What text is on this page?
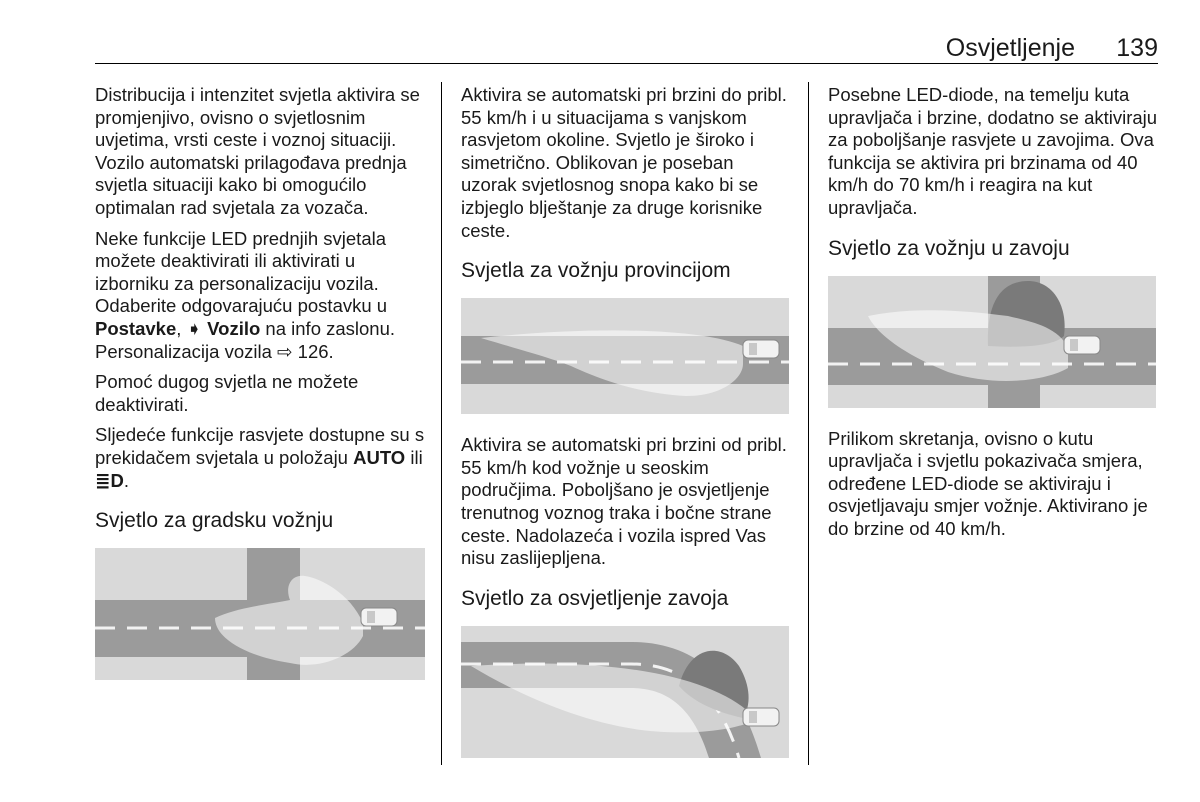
Osvjetljenje	139

Distribucija i intenzitet svjetla aktivira se promjenjivo, ovisno o svjetlosnim uvjetima, vrsti ceste i voznoj situaciji. Vozilo automatski prilagođava prednja svjetla situaciji kako bi omogućilo optimalan rad svjetala za vozača.

Neke funkcije LED prednjih svjetala možete deaktivirati ili aktivirati u izborniku za personalizaciju vozila. Odaberite odgovarajuću postavku u Postavke, ➧ Vozilo na info zaslonu. Personalizacija vozila ⇨ 126.

Pomoć dugog svjetla ne možete deaktivirati.

Sljedeće funkcije rasvjete dostupne su s prekidačem svjetala u položaju AUTO ili ≣D.

Svjetlo za gradsku vožnju

Aktivira se automatski pri brzini do pribl. 55 km/h i u situacijama s vanjskom rasvjetom okoline. Svjetlo je široko i simetrično. Oblikovan je poseban uzorak svjetlosnog snopa kako bi se izbjeglo blještanje za druge korisnike ceste.

Svjetla za vožnju provincijom

Aktivira se automatski pri brzini od pribl. 55 km/h kod vožnje u seoskim područjima. Poboljšano je osvjetljenje trenutnog voznog traka i bočne strane ceste. Nadolazeća i vozila ispred Vas nisu zaslijepljena.

Svjetlo za osvjetljenje zavoja

Posebne LED-diode, na temelju kuta upravljača i brzine, dodatno se aktiviraju za poboljšanje rasvjete u zavojima. Ova funkcija se aktivira pri brzinama od 40 km/h do 70 km/h i reagira na kut upravljača.

Svjetlo za vožnju u zavoju

Prilikom skretanja, ovisno o kutu upravljača i svjetlu pokazivača smjera, određene LED-diode se aktiviraju i osvjetljavaju smjer vožnje. Aktivirano je do brzine od 40 km/h.
